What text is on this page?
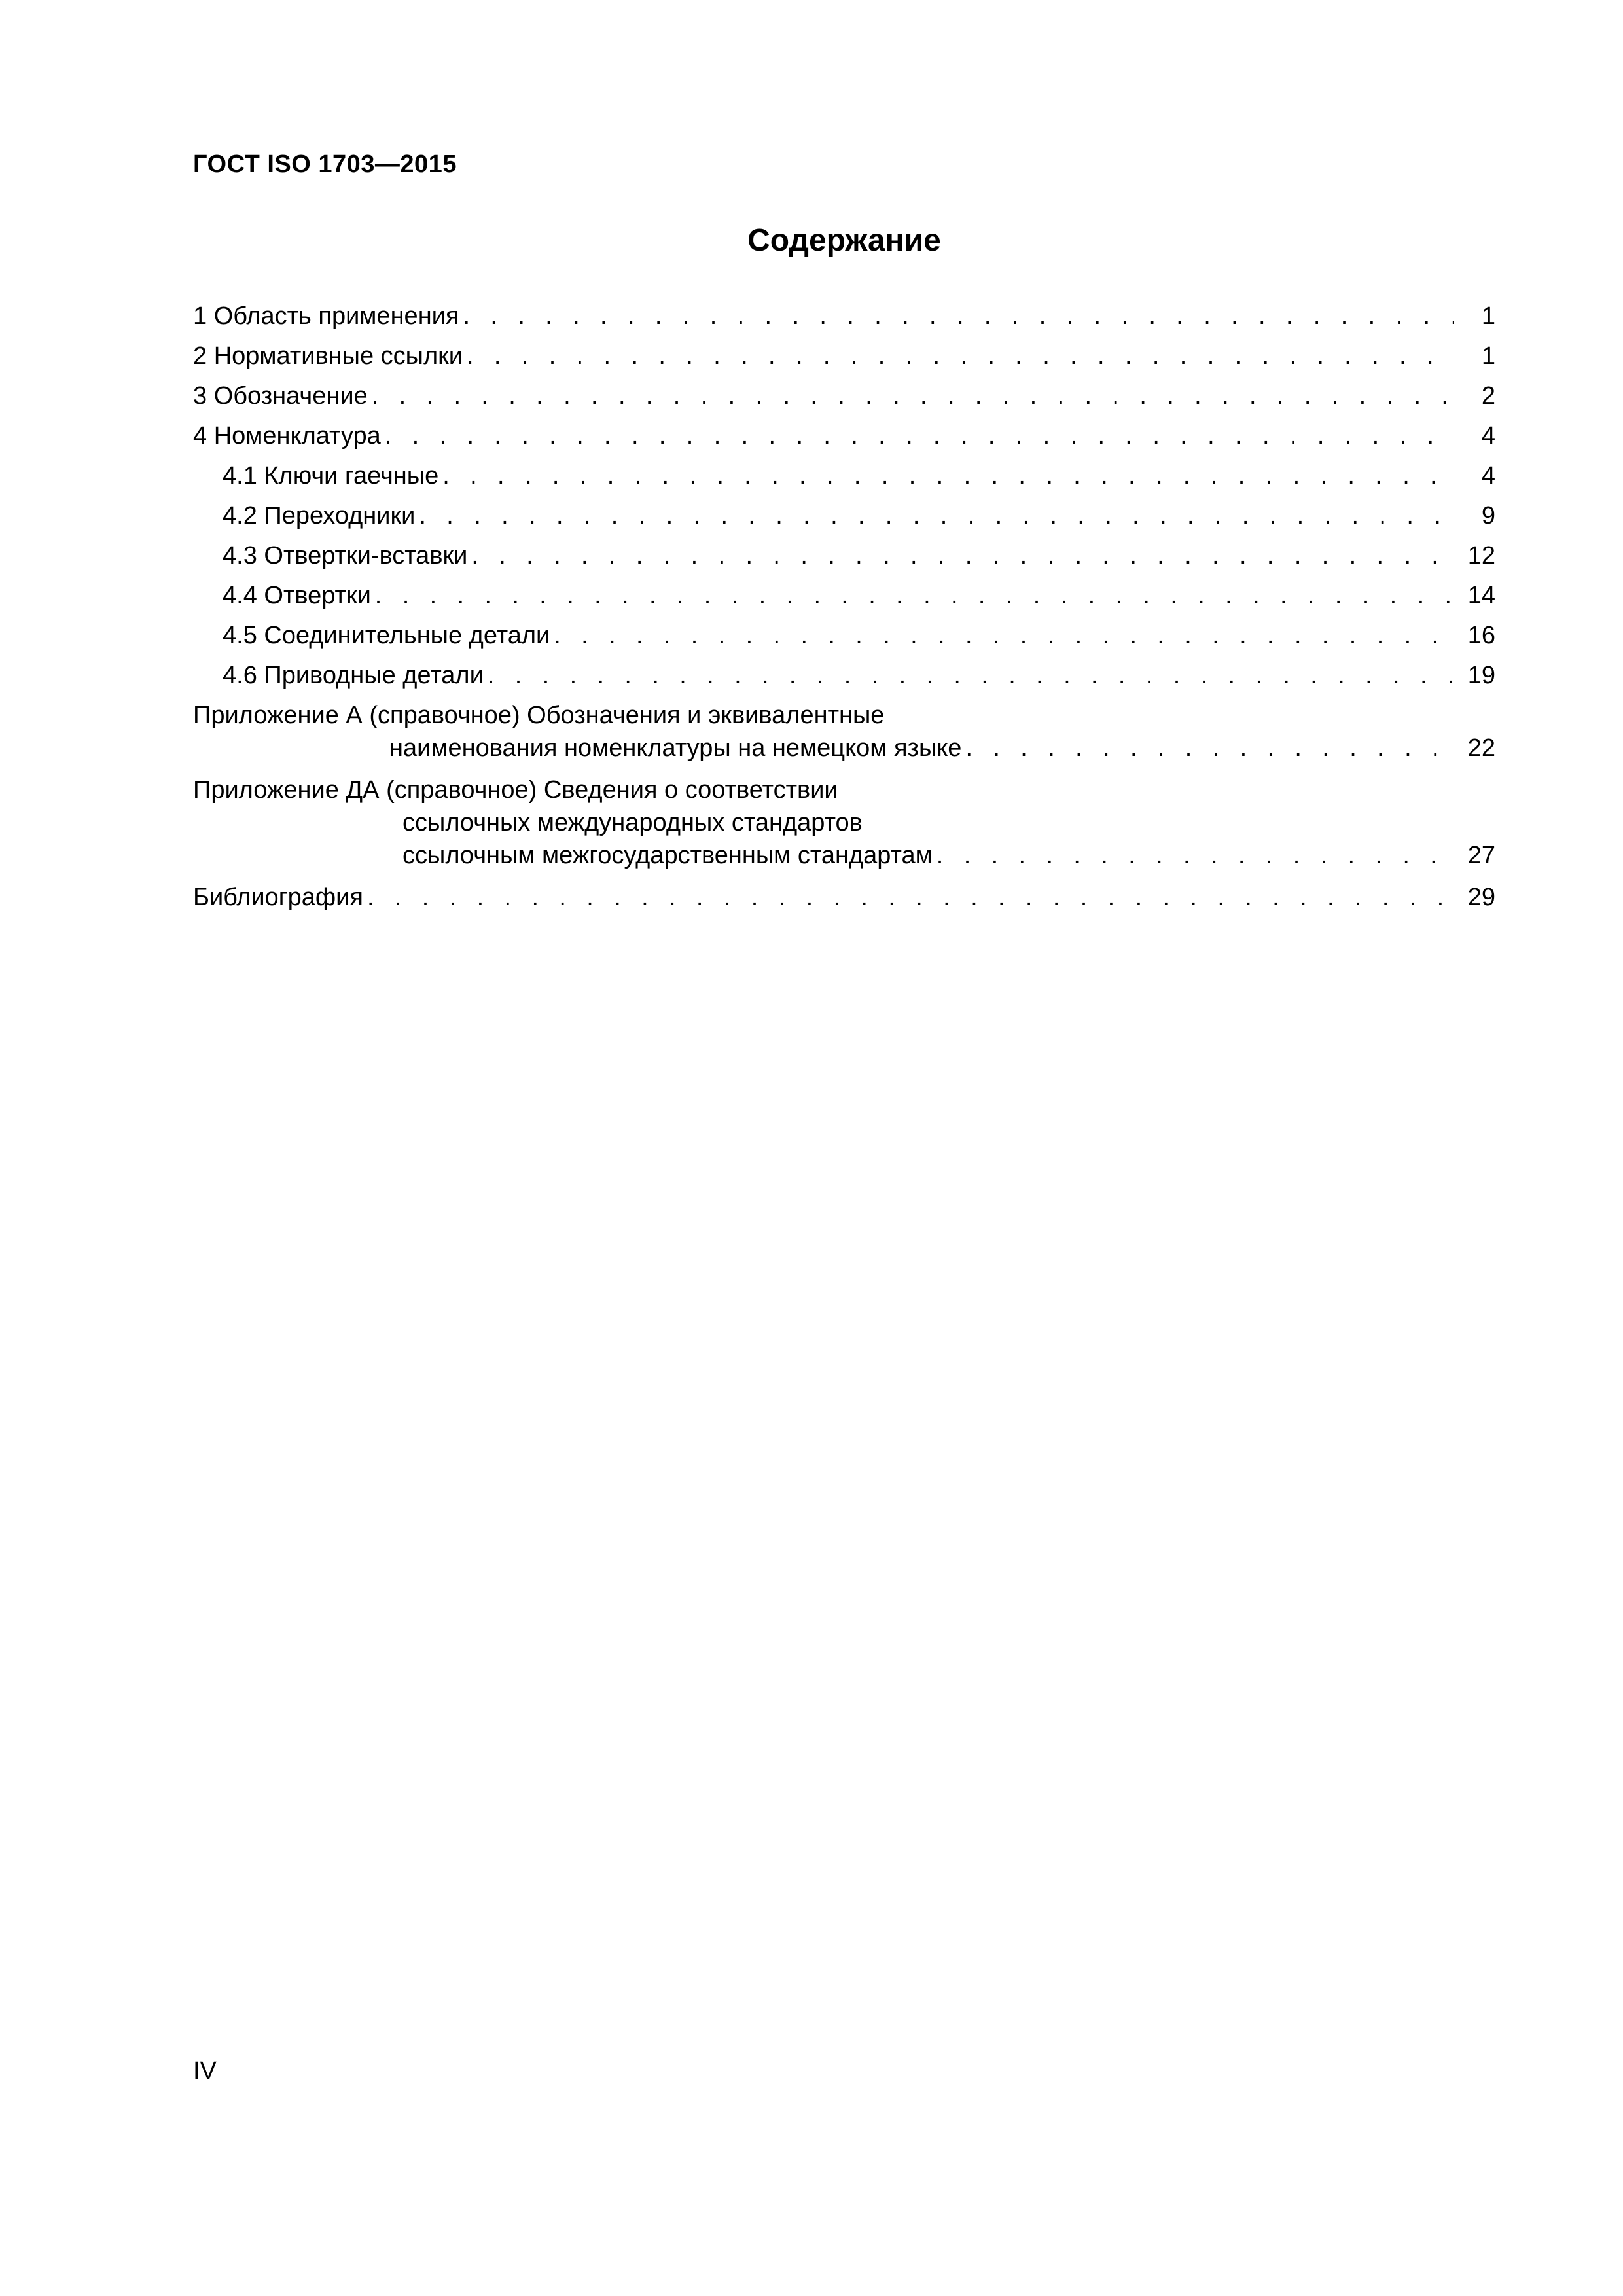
ГОСТ ISO 1703—2015
Содержание
1 Область применения . . .	1
2 Нормативные ссылки . . .	1
3 Обозначение . . .	2
4 Номенклатура . . .	4
4.1 Ключи гаечные . . .	4
4.2 Переходники . . .	9
4.3 Отвертки-вставки . . .	12
4.4 Отвертки . . .	14
4.5 Соединительные детали . . .	16
4.6 Приводные детали . . .	19
Приложение А (справочное) Обозначения и эквивалентные
наименования номенклатуры на немецком языке . . .	22
Приложение ДА (справочное) Сведения о соответствии
ссылочных международных стандартов
ссылочным межгосударственным стандартам . . .	27
Библиография . . .	29
IV
